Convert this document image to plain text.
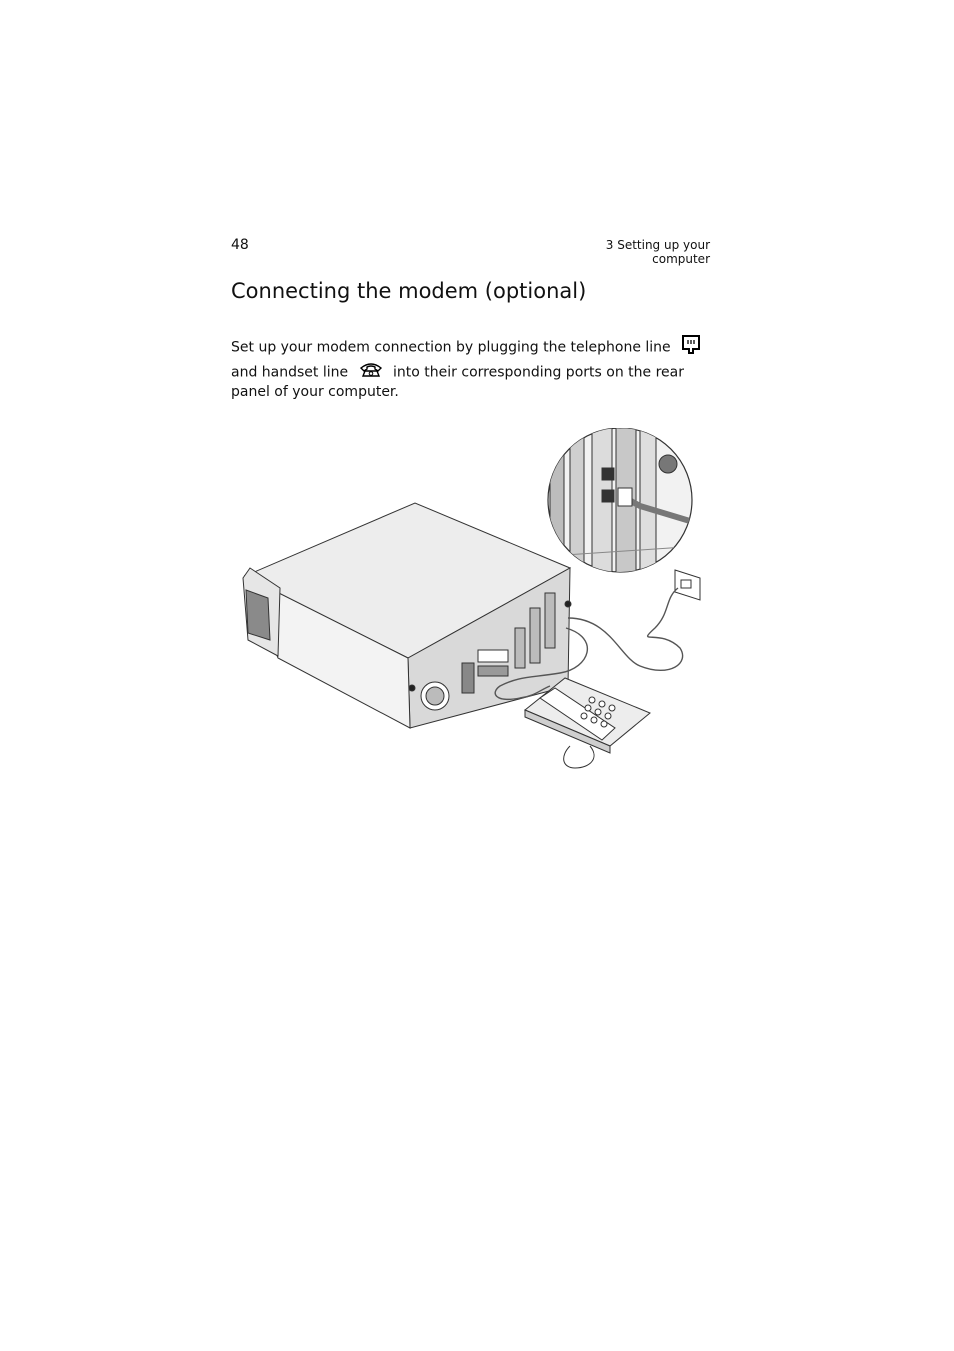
48	3 Setting up your computer
Connecting the modem (optional)

Set up your modem connection by plugging the telephone line

and handset line	into their corresponding ports on the rear panel of your computer.
